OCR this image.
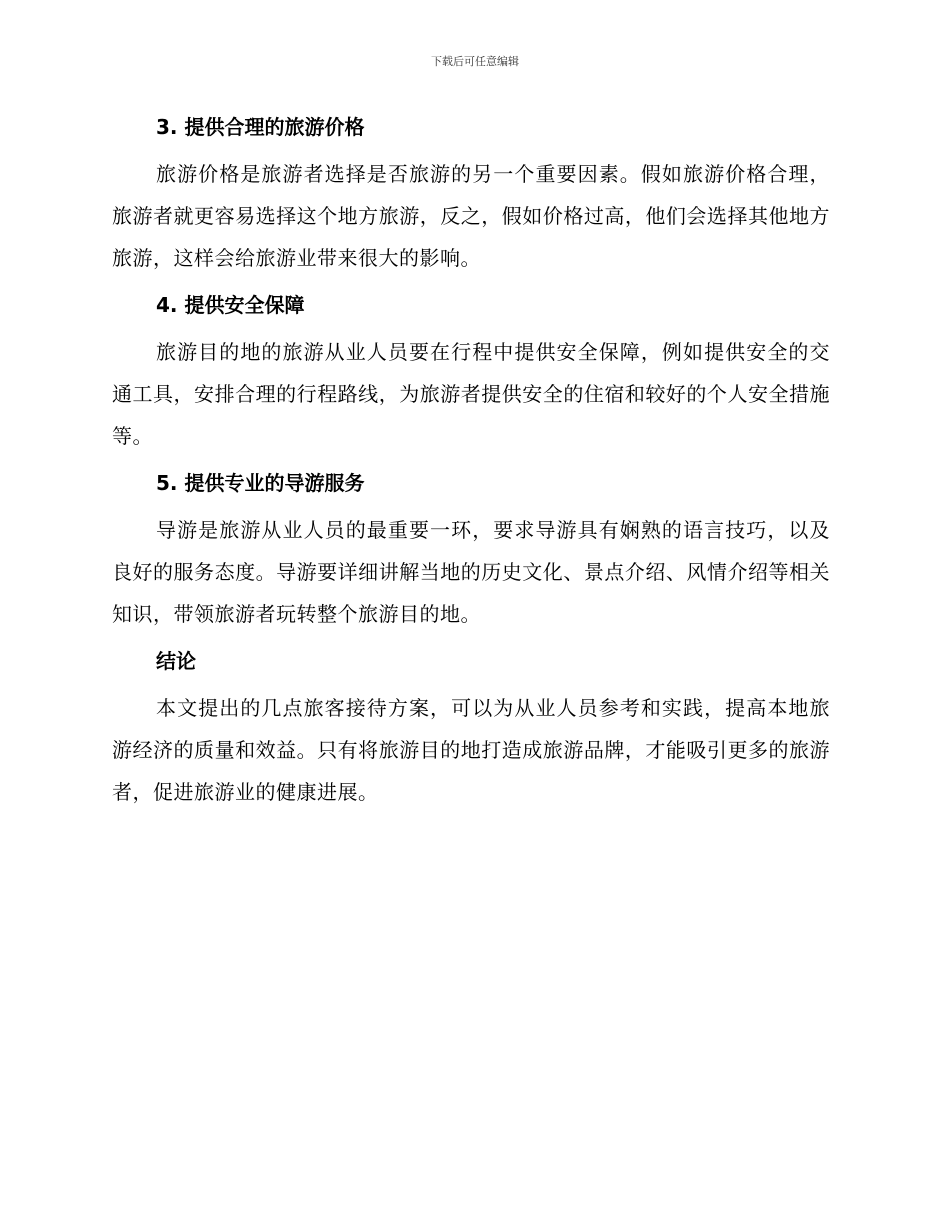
下载后可任意编辑
3. 提供合理的旅游价格

旅游价格是旅游者选择是否旅游的另一个重要因素。假如旅游价格合理，旅游者就更容易选择这个地方旅游，反之，假如价格过高，他们会选择其他地方旅游，这样会给旅游业带来很大的影响。

4. 提供安全保障

旅游目的地的旅游从业人员要在行程中提供安全保障，例如提供安全的交通工具，安排合理的行程路线，为旅游者提供安全的住宿和较好的个人安全措施等。

5. 提供专业的导游服务

导游是旅游从业人员的最重要一环，要求导游具有娴熟的语言技巧，以及良好的服务态度。导游要详细讲解当地的历史文化、景点介绍、风情介绍等相关知识，带领旅游者玩转整个旅游目的地。

结论

本文提出的几点旅客接待方案，可以为从业人员参考和实践，提高本地旅游经济的质量和效益。只有将旅游目的地打造成旅游品牌，才能吸引更多的旅游者，促进旅游业的健康进展。
